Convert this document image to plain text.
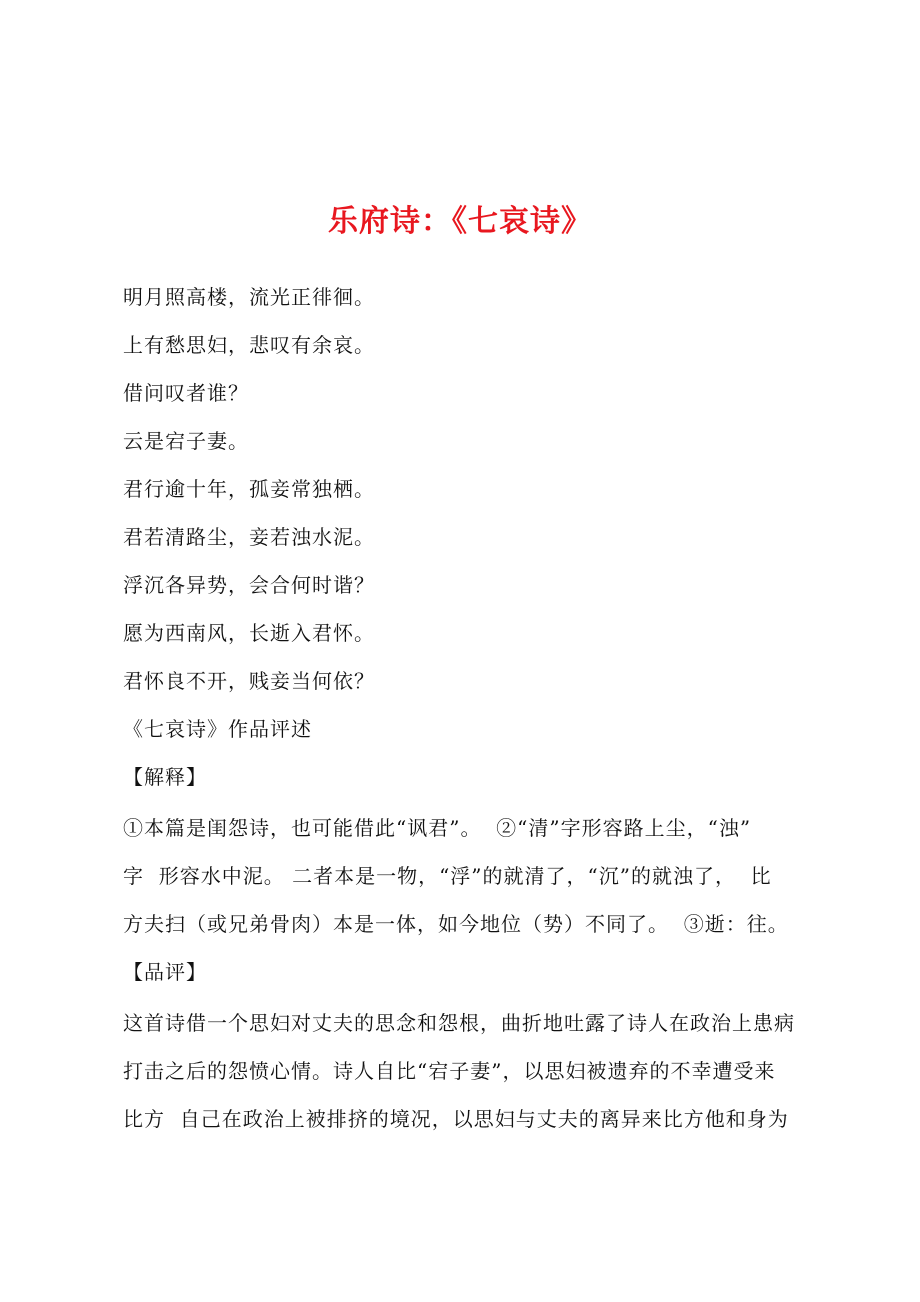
乐府诗：《七哀诗》
明月照高楼，流光正徘徊。
上有愁思妇，悲叹有余哀。
借问叹者谁？
云是宕子妻。
君行逾十年，孤妾常独栖。
君若清路尘，妾若浊水泥。
浮沉各异势，会合何时谐？
愿为西南风，长逝入君怀。
君怀良不开，贱妾当何依？
《七哀诗》作品评述
【解释】
①本篇是闺怨诗，也可能借此“讽君”。  ②“清”字形容路上尘，“浊”
字  形容水中泥。 二者本是一物，“浮”的就清了，“沉”的就浊了，  比
方夫扫（或兄弟骨肉）本是一体，如今地位（势）不同了。  ③逝：往。
【品评】
这首诗借一个思妇对丈夫的思念和怨根，曲折地吐露了诗人在政治上患病
打击之后的怨愤心情。诗人自比“宕子妻”，以思妇被遗弃的不幸遭受来
比方  自己在政治上被排挤的境况，以思妇与丈夫的离异来比方他和身为
